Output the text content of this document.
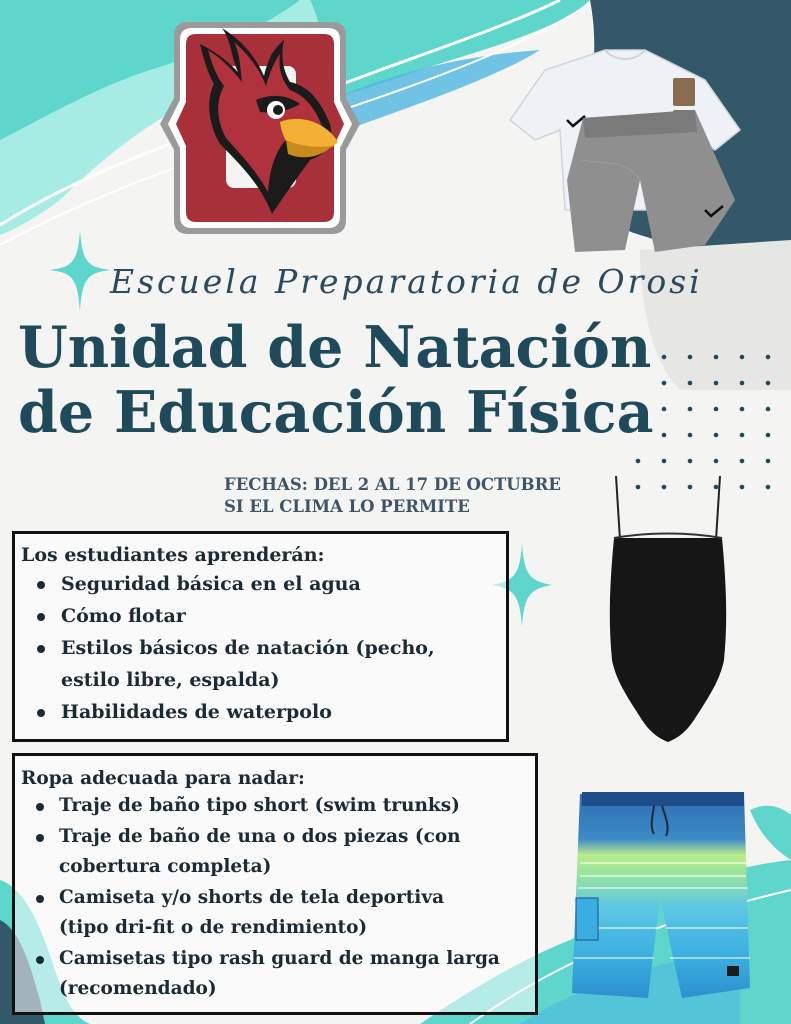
Escuela Preparatoria de Orosi
Unidad de Natación
de Educación Física
FECHAS: DEL 2 AL 17 DE OCTUBRE
SI EL CLIMA LO PERMITE
Los estudiantes aprenderán:
Seguridad básica en el agua
Cómo flotar
Estilos básicos de natación (pecho, estilo libre, espalda)
Habilidades de waterpolo
Ropa adecuada para nadar:
Traje de baño tipo short (swim trunks)
Traje de baño de una o dos piezas (con cobertura completa)
Camiseta y/o shorts de tela deportiva (tipo dri-fit o de rendimiento)
Camisetas tipo rash guard de manga larga (recomendado)
